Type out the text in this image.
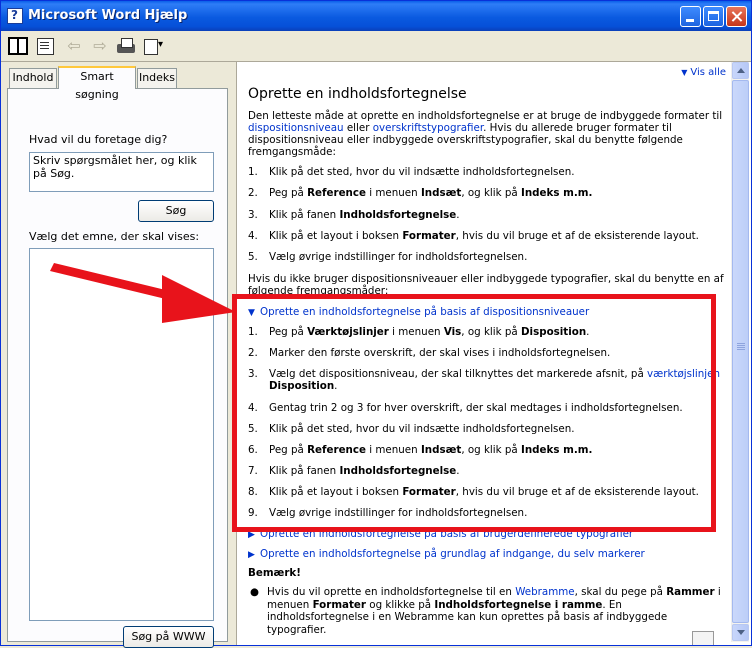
?
Microsoft Word Hjælp
⇦ ⇨
▾
Indhold	Smart søgning
Indeks
Hvad vil du foretage dig?
Skriv spørgsmålet her, og klik på Søg.
Søg
Vælg det emne, der skal vises:
Søg på WWW
▼ Vis alle
Oprette en indholdsfortegnelse
Den letteste måde at oprette en indholdsfortegnelse er at bruge de indbyggede formater til dispositionsniveau eller overskriftstypografier. Hvis du allerede bruger formater til dispositionsniveau eller indbyggede overskriftstypografier, skal du benytte følgende fremgangsmåde:
1.	Klik på det sted, hvor du vil indsætte indholdsfortegnelsen.
2.	Peg på Reference i menuen Indsæt, og klik på Indeks m.m.
3.	Klik på fanen Indholdsfortegnelse.
4.	Klik på et layout i boksen Formater, hvis du vil bruge et af de eksisterende layout.
5.	Vælg øvrige indstillinger for indholdsfortegnelsen.
Hvis du ikke bruger dispositionsniveauer eller indbyggede typografier, skal du benytte en af følgende fremgangsmåder:
▼ Oprette en indholdsfortegnelse på basis af dispositionsniveauer
1.	Peg på Værktøjslinjer i menuen Vis, og klik på Disposition.
2.	Marker den første overskrift, der skal vises i indholdsfortegnelsen.
3.	Vælg det dispositionsniveau, der skal tilknyttes det markerede afsnit, på værktøjslinjen Disposition.
4.	Gentag trin 2 og 3 for hver overskrift, der skal medtages i indholdsfortegnelsen.
5.	Klik på det sted, hvor du vil indsætte indholdsfortegnelsen.
6.	Peg på Reference i menuen Indsæt, og klik på Indeks m.m.
7.	Klik på fanen Indholdsfortegnelse.
8.	Klik på et layout i boksen Formater, hvis du vil bruge et af de eksisterende layout.
9.	Vælg øvrige indstillinger for indholdsfortegnelsen.
▶ Oprette en indholdsfortegnelse på basis af brugerdefinerede typografier
▶ Oprette en indholdsfortegnelse på grundlag af indgange, du selv markerer
Bemærk!
● Hvis du vil oprette en indholdsfortegnelse til en Webramme, skal du pege på Rammer i menuen Formater og klikke på Indholdsfortegnelse i ramme. En indholdsfortegnelse i en Webramme kan kun oprettes på basis af indbyggede typografier.
